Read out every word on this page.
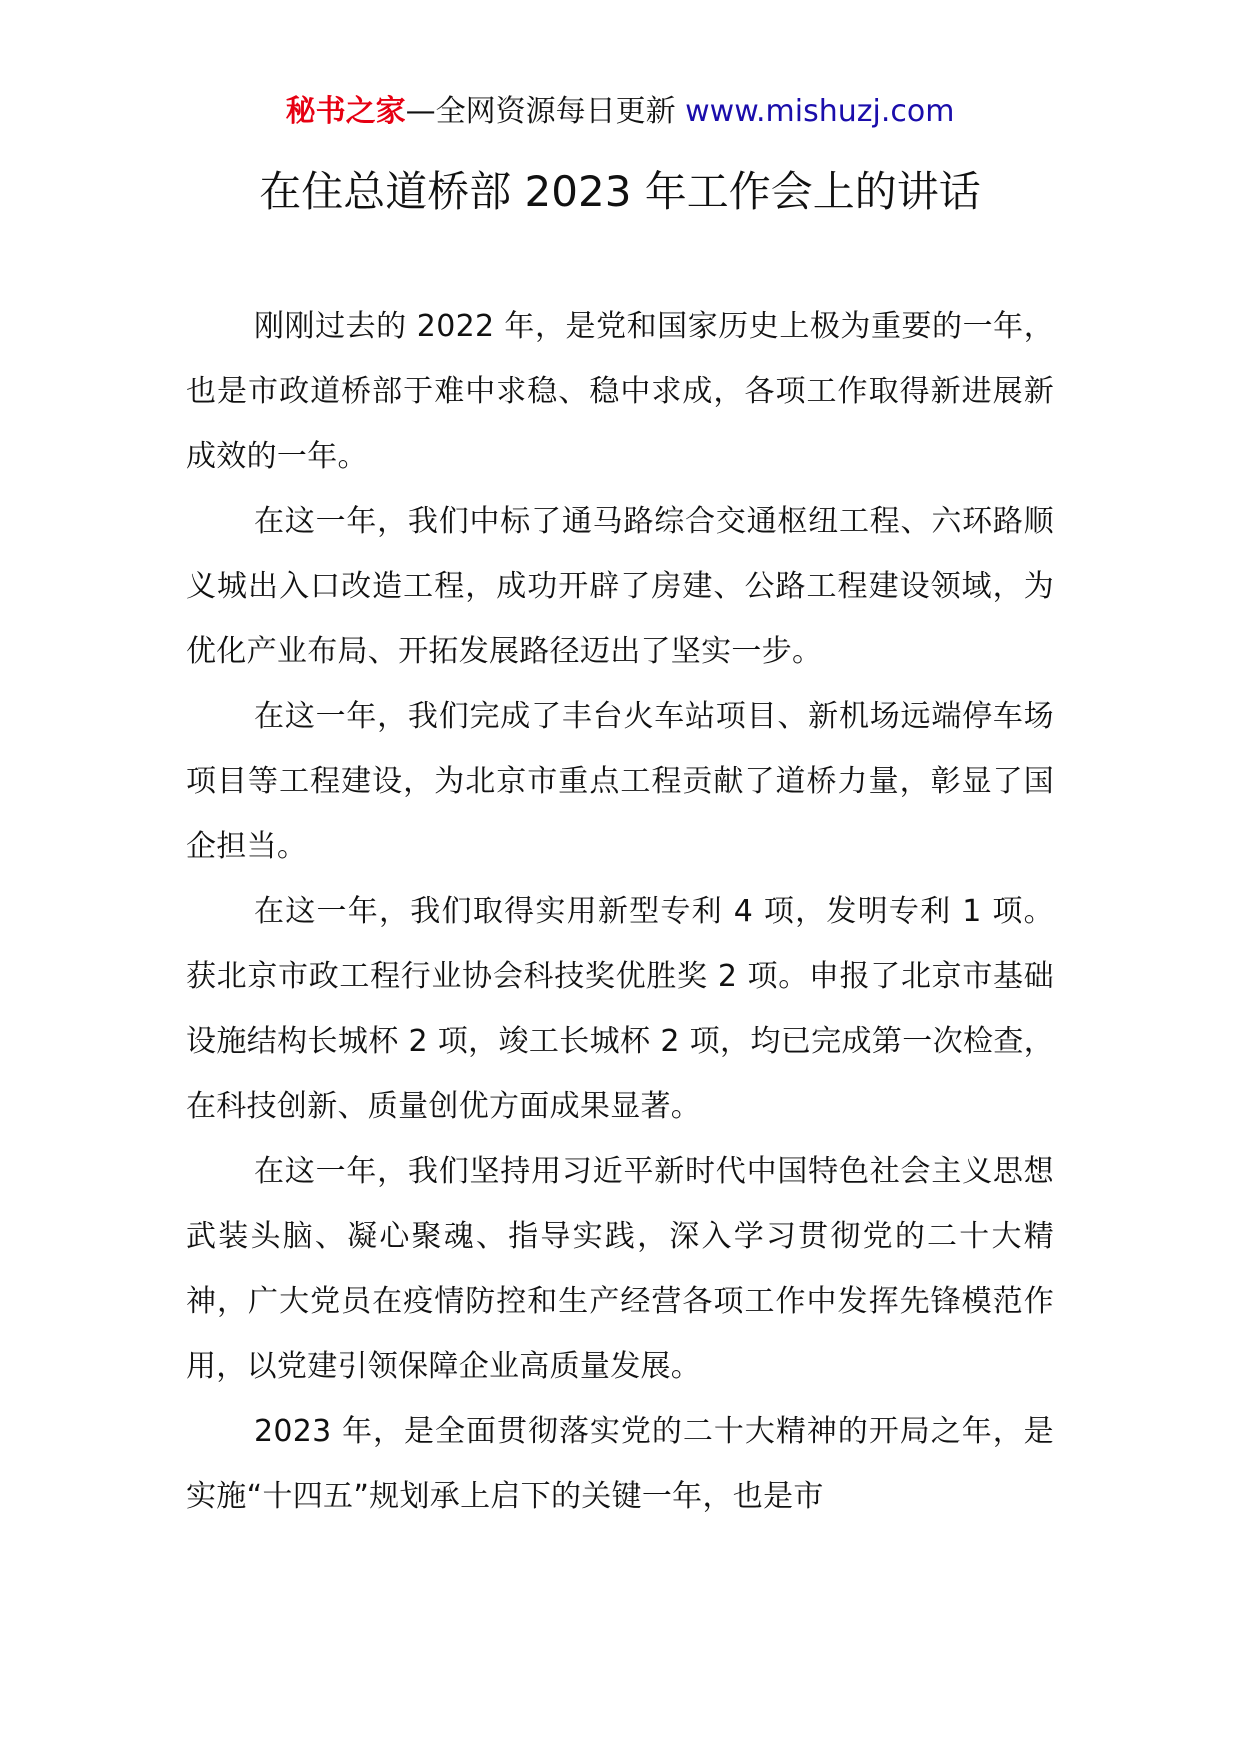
秘书之家—全网资源每日更新 www.mishuzj.com
在住总道桥部 2023 年工作会上的讲话

刚刚过去的 2022 年，是党和国家历史上极为重要的一年，也是市政道桥部于难中求稳、稳中求成，各项工作取得新进展新成效的一年。

在这一年，我们中标了通马路综合交通枢纽工程、六环路顺义城出入口改造工程，成功开辟了房建、公路工程建设领域，为优化产业布局、开拓发展路径迈出了坚实一步。

在这一年，我们完成了丰台火车站项目、新机场远端停车场项目等工程建设，为北京市重点工程贡献了道桥力量，彰显了国企担当。

在这一年，我们取得实用新型专利 4 项，发明专利 1 项。获北京市政工程行业协会科技奖优胜奖 2 项。申报了北京市基础设施结构长城杯 2 项，竣工长城杯 2 项，均已完成第一次检查，在科技创新、质量创优方面成果显著。

在这一年，我们坚持用习近平新时代中国特色社会主义思想武装头脑、凝心聚魂、指导实践，深入学习贯彻党的二十大精神，广大党员在疫情防控和生产经营各项工作中发挥先锋模范作用，以党建引领保障企业高质量发展。

2023 年，是全面贯彻落实党的二十大精神的开局之年，是实施“十四五”规划承上启下的关键一年，也是市
